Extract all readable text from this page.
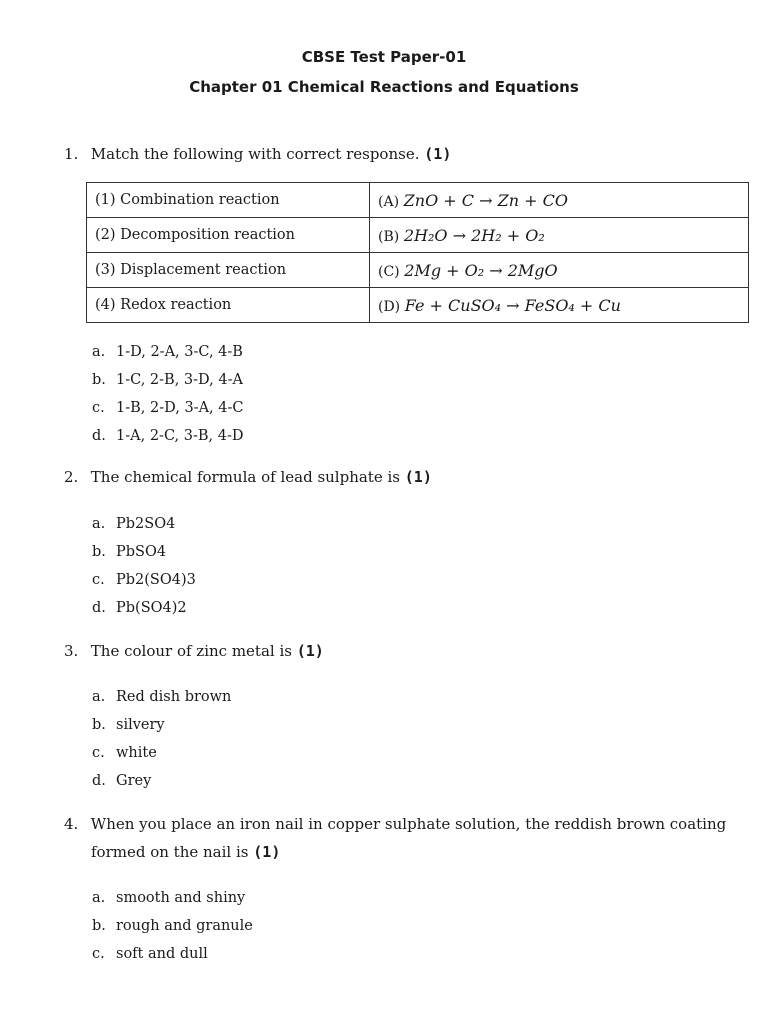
CBSE Test Paper-01
Chapter 01 Chemical Reactions and Equations
1. Match the following with correct response. (1)
(1) Combination reaction	(A) ZnO + C → Zn + CO
(2) Decomposition reaction	(B) 2H₂O → 2H₂ + O₂
(3) Displacement reaction	(C) 2Mg + O₂ → 2MgO
(4) Redox reaction	(D) Fe + CuSO₄ → FeSO₄ + Cu
a. 1-D, 2-A, 3-C, 4-B
b. 1-C, 2-B, 3-D, 4-A
c. 1-B, 2-D, 3-A, 4-C
d. 1-A, 2-C, 3-B, 4-D
2. The chemical formula of lead sulphate is (1)
a. Pb2SO4
b. PbSO4
c. Pb2(SO4)3
d. Pb(SO4)2
3. The colour of zinc metal is (1)
a. Red dish brown
b. silvery
c. white
d. Grey
4. When you place an iron nail in copper sulphate solution, the reddish brown coating
formed on the nail is (1)
a. smooth and shiny
b. rough and granule
c. soft and dull
